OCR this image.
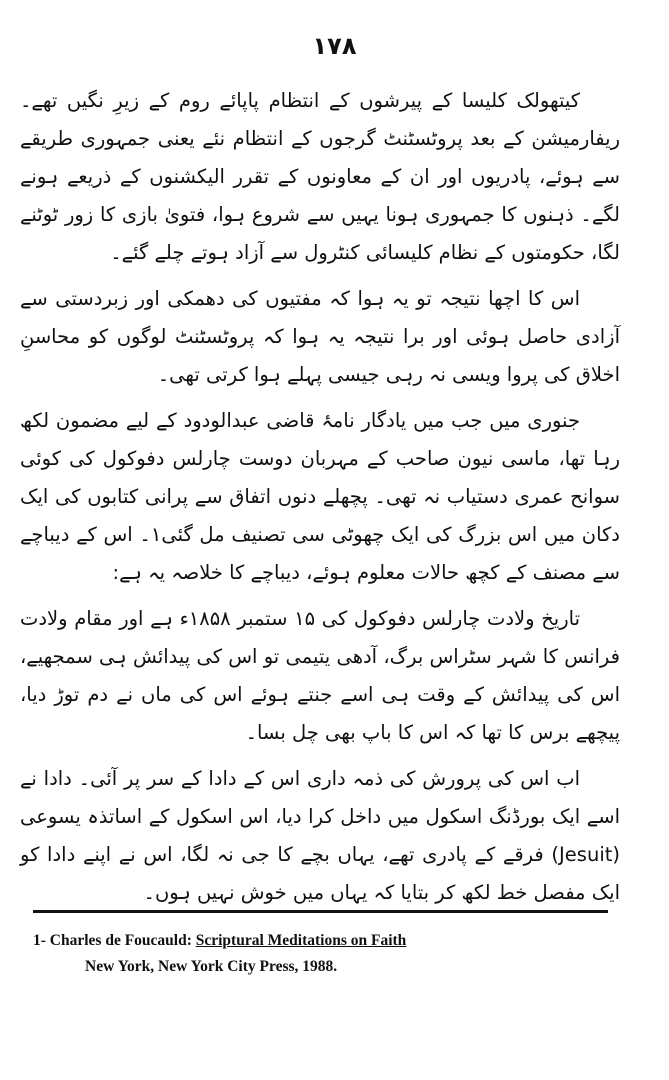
۱۷۸

کیتھولک کلیسا کے پیرشوں کے انتظام پاپائے روم کے زیرِ نگیں تھے۔ ریفارمیشن کے بعد پروٹسٹنٹ گرجوں کے انتظام نئے یعنی جمہوری طریقے سے ہوئے، پادریوں اور ان کے معاونوں کے تقرر الیکشنوں کے ذریعے ہونے لگے۔ ذہنوں کا جمہوری ہونا یہیں سے شروع ہوا، فتویٰ بازی کا زور ٹوٹنے لگا، حکومتوں کے نظام کلیسائی کنٹرول سے آزاد ہوتے چلے گئے۔

اس کا اچھا نتیجہ تو یہ ہوا کہ مفتیوں کی دھمکی اور زبردستی سے آزادی حاصل ہوئی اور برا نتیجہ یہ ہوا کہ پروٹسٹنٹ لوگوں کو محاسنِ اخلاق کی پروا ویسی نہ رہی جیسی پہلے ہوا کرتی تھی۔

جنوری میں جب میں یادگار نامۂ قاضی عبدالودود کے لیے مضمون لکھ رہا تھا، ماسی نیون صاحب کے مہربان دوست چارلس دفوکول کی کوئی سوانح عمری دستیاب نہ تھی۔ پچھلے دنوں اتفاق سے پرانی کتابوں کی ایک دکان میں اس بزرگ کی ایک چھوٹی سی تصنیف مل گئی۱۔ اس کے دیباچے سے مصنف کے کچھ حالات معلوم ہوئے، دیباچے کا خلاصہ یہ ہے:

تاریخ ولادت چارلس دفوکول کی ۱۵ ستمبر ۱۸۵۸ء ہے اور مقام ولادت فرانس کا شہر سٹراس برگ، آدھی یتیمی تو اس کی پیدائش ہی سمجھیے، اس کی پیدائش کے وقت ہی اسے جنتے ہوئے اس کی ماں نے دم توڑ دیا، پیچھے برس کا تھا کہ اس کا باپ بھی چل بسا۔

اب اس کی پرورش کی ذمہ داری اس کے دادا کے سر پر آئی۔ دادا نے اسے ایک بورڈنگ اسکول میں داخل کرا دیا، اس اسکول کے اساتذہ یسوعی (Jesuit) فرقے کے پادری تھے، یہاں بچے کا جی نہ لگا، اس نے اپنے دادا کو ایک مفصل خط لکھ کر بتایا کہ یہاں میں خوش نہیں ہوں۔

1- Charles de Foucauld: Scriptural Meditations on Faith
New York, New York City Press, 1988.
